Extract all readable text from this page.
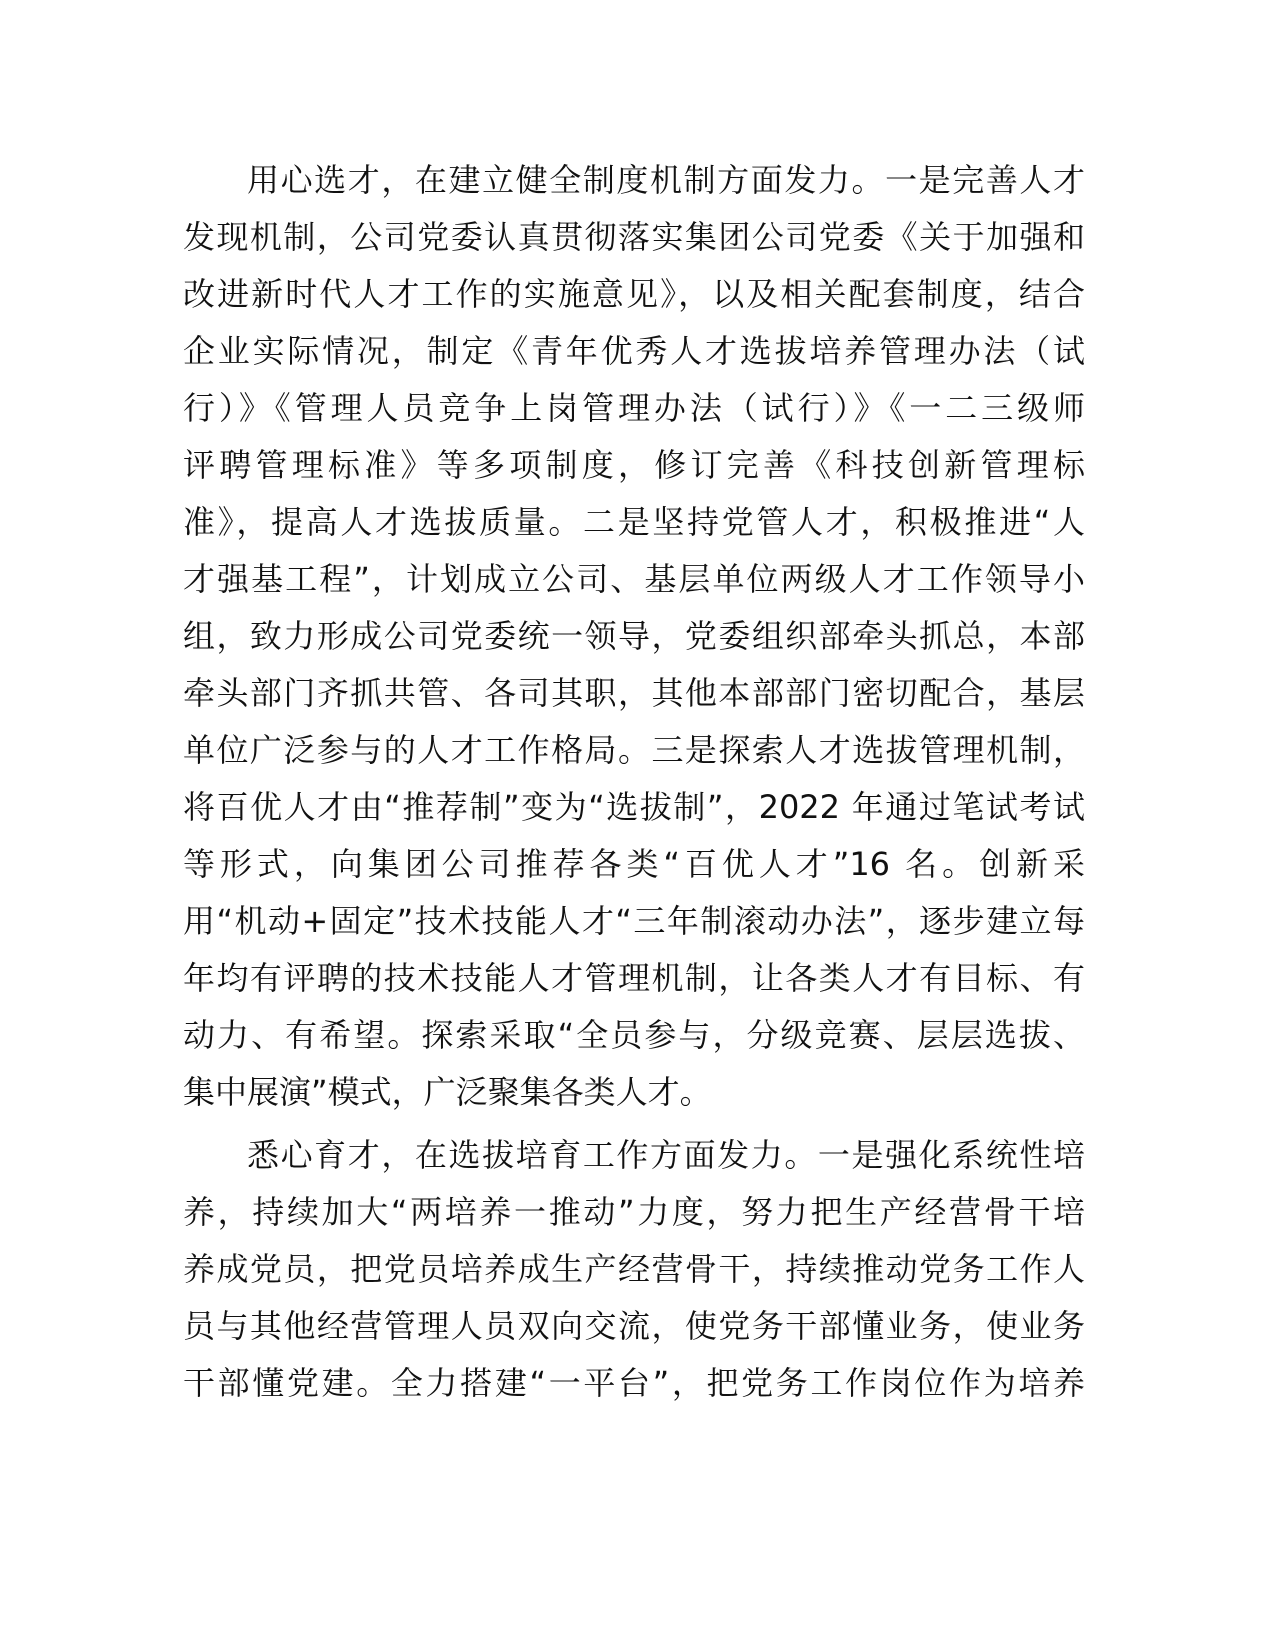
用心选才，在建立健全制度机制方面发力。一是完善人才
发现机制，公司党委认真贯彻落实集团公司党委《关于加强和
改进新时代人才工作的实施意见》，以及相关配套制度，结合
企业实际情况，制定《青年优秀人才选拔培养管理办法（试
行）》《管理人员竞争上岗管理办法（试行）》《一二三级师
评聘管理标准》等多项制度，修订完善《科技创新管理标
准》，提高人才选拔质量。二是坚持党管人才，积极推进“人
才强基工程”，计划成立公司、基层单位两级人才工作领导小
组，致力形成公司党委统一领导，党委组织部牵头抓总，本部
牵头部门齐抓共管、各司其职，其他本部部门密切配合，基层
单位广泛参与的人才工作格局。三是探索人才选拔管理机制，
将百优人才由“推荐制”变为“选拔制”，2022 年通过笔试考试
等形式，向集团公司推荐各类“百优人才”16 名。创新采
用“机动+固定”技术技能人才“三年制滚动办法”，逐步建立每
年均有评聘的技术技能人才管理机制，让各类人才有目标、有
动力、有希望。探索采取“全员参与，分级竞赛、层层选拔、
集中展演”模式，广泛聚集各类人才。
悉心育才，在选拔培育工作方面发力。一是强化系统性培
养，持续加大“两培养一推动”力度，努力把生产经营骨干培
养成党员，把党员培养成生产经营骨干，持续推动党务工作人
员与其他经营管理人员双向交流，使党务干部懂业务，使业务
干部懂党建。全力搭建“一平台”，把党务工作岗位作为培养
